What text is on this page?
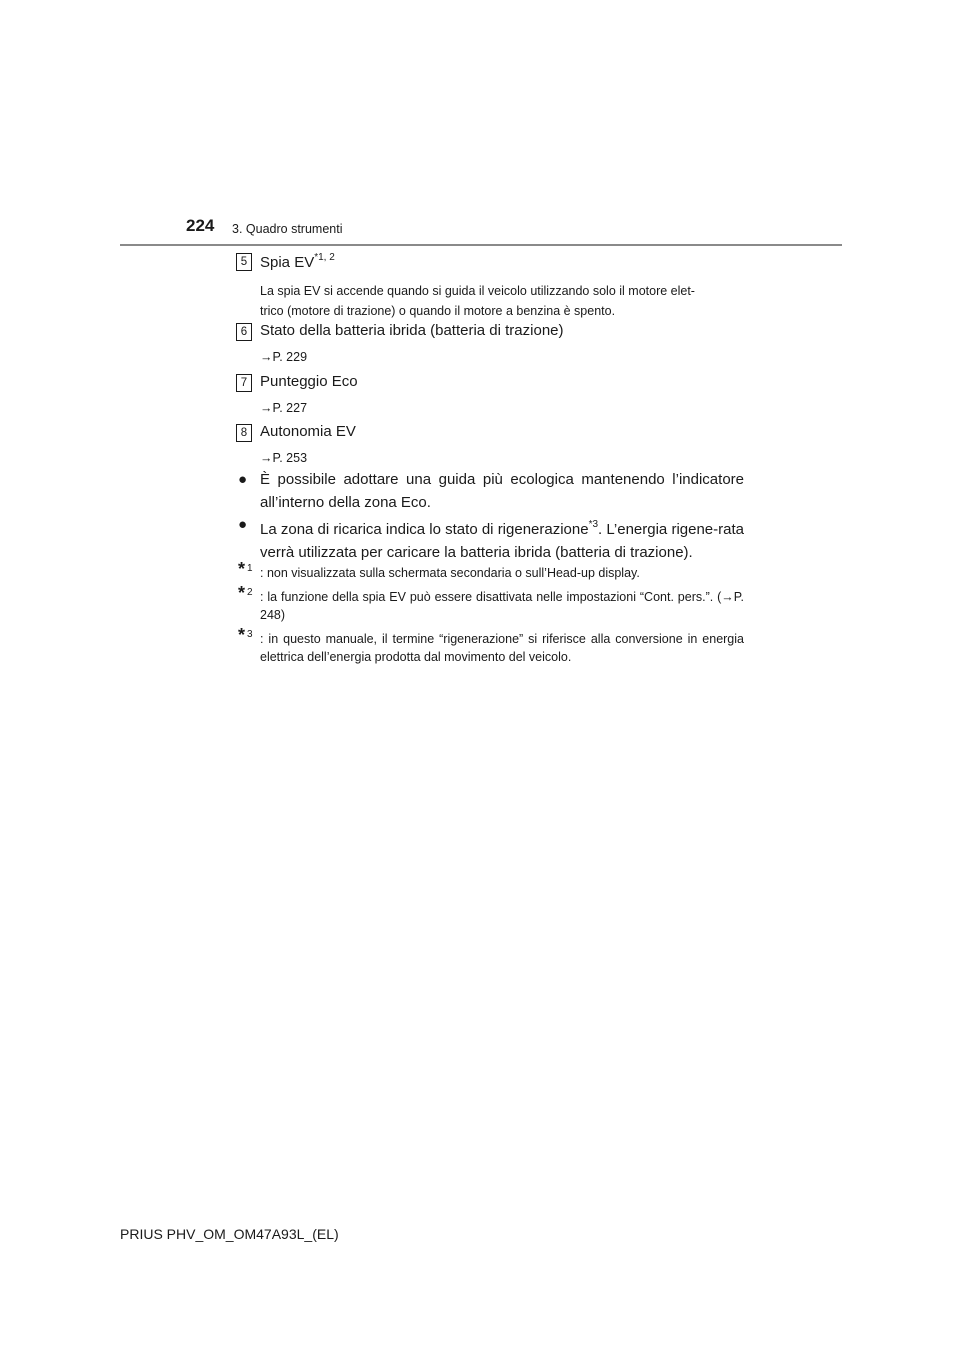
224 3. Quadro strumenti
5 Spia EV$^{*1, 2}$
La spia EV si accende quando si guida il veicolo utilizzando solo il motore elet-
trico (motore di trazione) o quando il motore a benzina è spento.
6 Stato della batteria ibrida (batteria di trazione)
→P. 229
7 Punteggio Eco
→P. 227
8 Autonomia EV
→P. 253
● È possibile adottare una guida più ecologica mantenendo l’indicatore all’interno della zona Eco.
● La zona di ricarica indica lo stato di rigenerazione$^{*3}$. L’energia rigene-rata verrà utilizzata per caricare la batteria ibrida (batteria di trazione).
* 1 : non visualizzata sulla schermata secondaria o sull’Head-up display.
* 2 : la funzione della spia EV può essere disattivata nelle impostazioni “Cont. pers.”. (→P. 248)
* 3 : in questo manuale, il termine “rigenerazione” si riferisce alla conversione in energia elettrica dell’energia prodotta dal movimento del veicolo.
PRIUS PHV_OM_OM47A93L_(EL)
